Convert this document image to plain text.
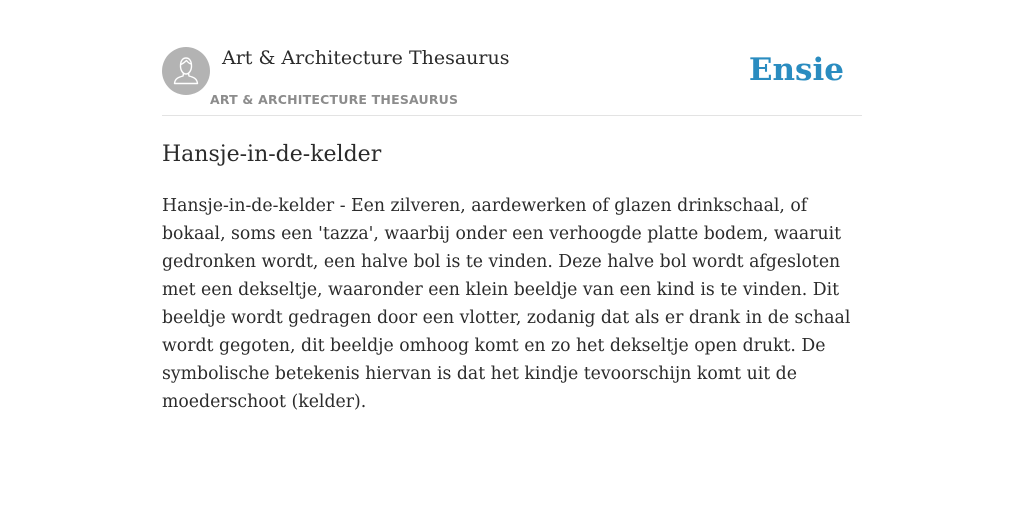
Art & Architecture Thesaurus
ART & ARCHITECTURE THESAURUS
Ensie
Hansje-in-de-kelder

Hansje-in-de-kelder - Een zilveren, aardewerken of glazen drinkschaal, of bokaal, soms een 'tazza', waarbij onder een verhoogde platte bodem, waaruit gedronken wordt, een halve bol is te vinden. Deze halve bol wordt afgesloten met een dekseltje, waaronder een klein beeldje van een kind is te vinden. Dit beeldje wordt gedragen door een vlotter, zodanig dat als er drank in de schaal wordt gegoten, dit beeldje omhoog komt en zo het dekseltje open drukt. De symbolische betekenis hiervan is dat het kindje tevoorschijn komt uit de moederschoot (kelder).
